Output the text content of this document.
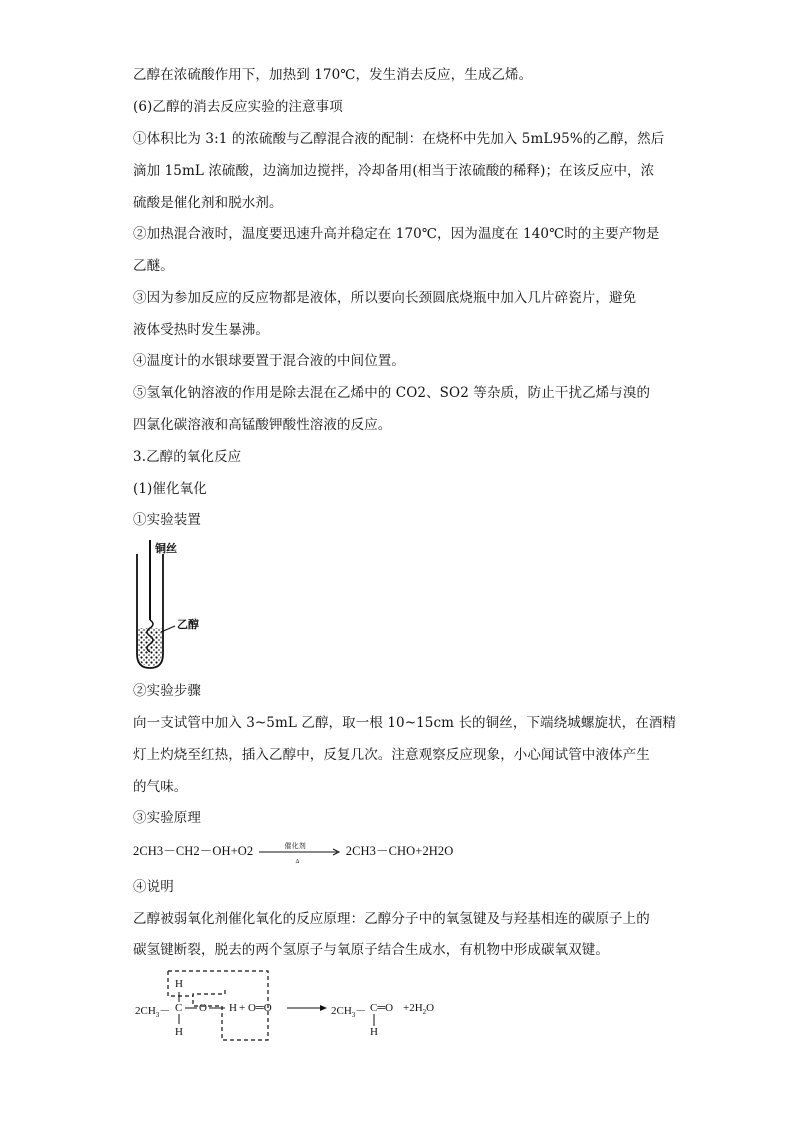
乙醇在浓硫酸作用下，加热到 170℃，发生消去反应，生成乙烯。
(6)乙醇的消去反应实验的注意事项
①体积比为 3:1 的浓硫酸与乙醇混合液的配制：在烧杯中先加入 5mL95%的乙醇，然后
滴加 15mL 浓硫酸，边滴加边搅拌，冷却备用(相当于浓硫酸的稀释)；在该反应中，浓
硫酸是催化剂和脱水剂。
②加热混合液时，温度要迅速升高并稳定在 170℃，因为温度在 140℃时的主要产物是
乙醚。
③因为参加反应的反应物都是液体，所以要向长颈圆底烧瓶中加入几片碎瓷片，避免
液体受热时发生暴沸。
④温度计的水银球要置于混合液的中间位置。
⑤氢氧化钠溶液的作用是除去混在乙烯中的 CO2、SO2 等杂质，防止干扰乙烯与溴的
四氯化碳溶液和高锰酸钾酸性溶液的反应。
3.乙醇的氧化反应
(1)催化氧化
①实验装置
铜丝
乙醇
②实验步骤
向一支试管中加入 3~5mL 乙醇，取一根 10~15cm 长的铜丝，下端绕城螺旋状，在酒精
灯上灼烧至红热，插入乙醇中，反复几次。注意观察反应现象，小心闻试管中液体产生
的气味。
③实验原理
2CH3－CH2－OH+O2	催化剂
Δ
2CH3－CHO+2H2O
④说明
乙醇被弱氧化剂催化氧化的反应原理：乙醇分子中的氧氢键及与羟基相连的碳原子上的
碳氢键断裂，脱去的两个氢原子与氧原子结合生成水，有机物中形成碳氧双键。
$2CH_3- C$
H
H
O H + O═O	$2CH_3-$ C═O
H
$+2H_2O$
